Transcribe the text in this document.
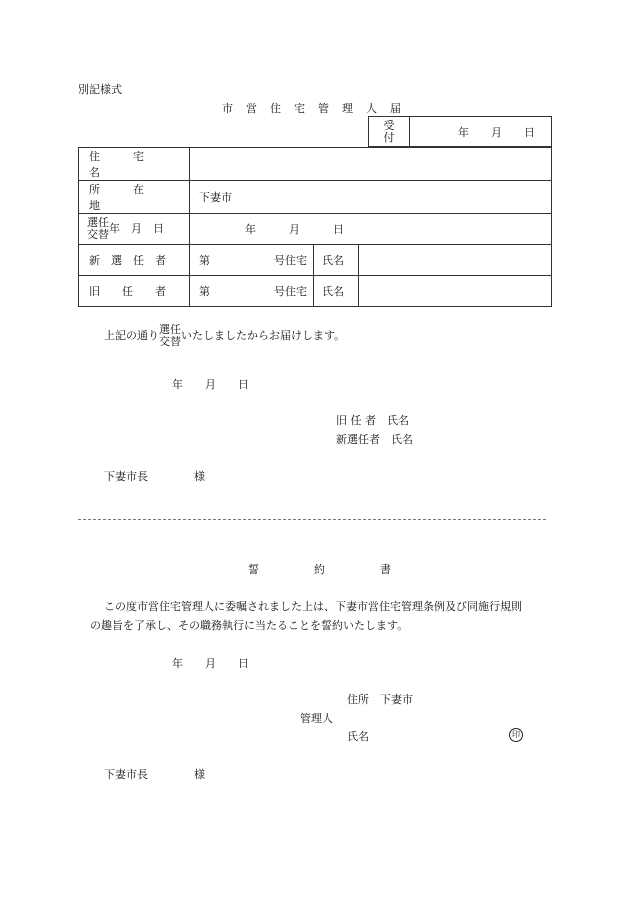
別記様式
市　営　住　宅　管　理　人　届
受
付	年　　月　　日
住　　　宅　　　名				
所　　　在　　　地	下妻市			

選任
交替 年　月　日	年　　　月　　　日			
新　選　任　者	第	号住宅	氏名	
旧　　任　　者	第	号住宅	氏名	
上記の通り 選任
交替 いたしましたからお届けします。
年　　月　　日
旧 任 者　氏名
新選任者　氏名
下妻市長	様
誓　　　　　約　　　　　書
この度市営住宅管理人に委嘱されました上は、下妻市営住宅管理条例及び同施行規則
の趣旨を了承し、その職務執行に当たることを誓約いたします。
年　　月　　日
住所　下妻市
管理人
氏名	印
下妻市長	様
